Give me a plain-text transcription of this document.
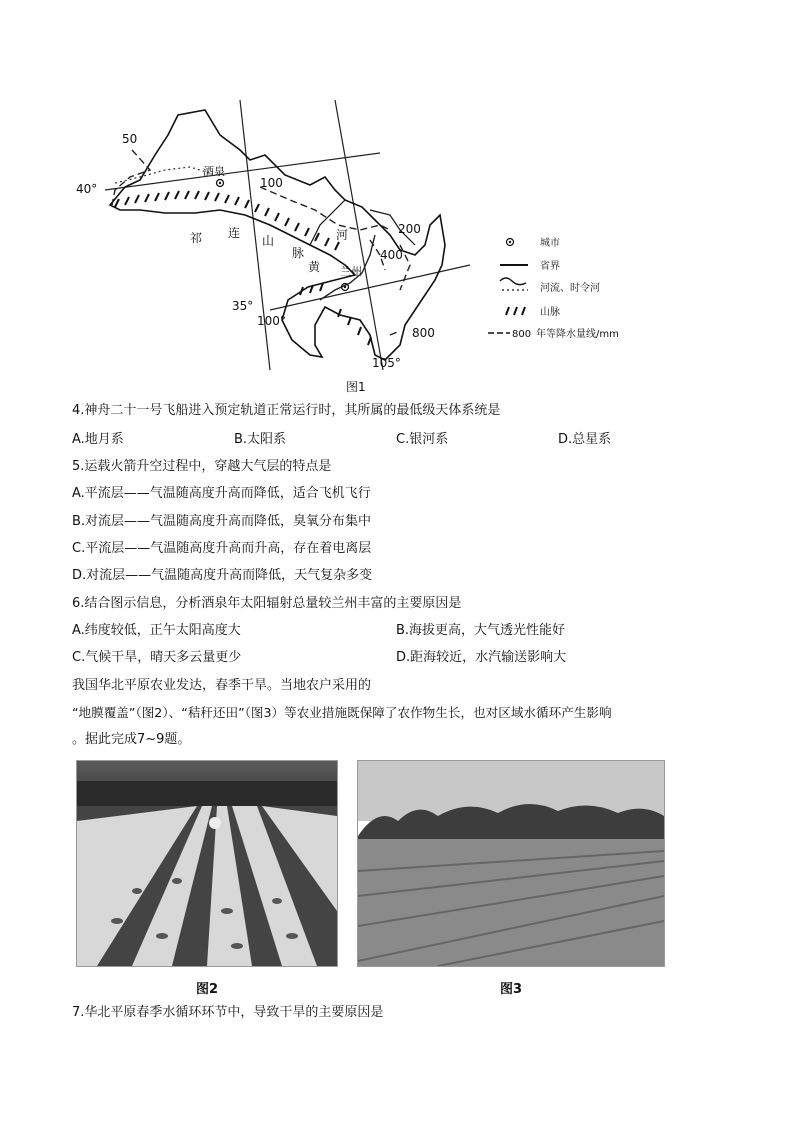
50
40°
酒泉
100
祁 连
山
脉
河
黄 兰州
200
400
35°
100°
800
105°
城市
省界
河流、时令河
山脉
800 年等降水量线/mm
图1
4.神舟二十一号飞船进入预定轨道正常运行时，其所属的最低级天体系统是
A.地月系	B.太阳系	C.银河系	D.总星系
5.运载火箭升空过程中，穿越大气层的特点是
A.平流层——气温随高度升高而降低，适合飞机飞行
B.对流层——气温随高度升高而降低，臭氧分布集中
C.平流层——气温随高度升高而升高，存在着电离层
D.对流层——气温随高度升高而降低，天气复杂多变
6.结合图示信息，分析酒泉年太阳辐射总量较兰州丰富的主要原因是
A.纬度较低，正午太阳高度大	B.海拔更高，大气透光性能好
C.气候干旱，晴天多云量更少	D.距海较近，水汽输送影响大
我国华北平原农业发达，春季干旱。当地农户采用的
“地膜覆盖”（图2）、“秸秆还田”（图3）等农业措施既保障了农作物生长，也对区域水循环产生影响
。据此完成7~9题。
图2	图3
7.华北平原春季水循环环节中，导致干旱的主要原因是
